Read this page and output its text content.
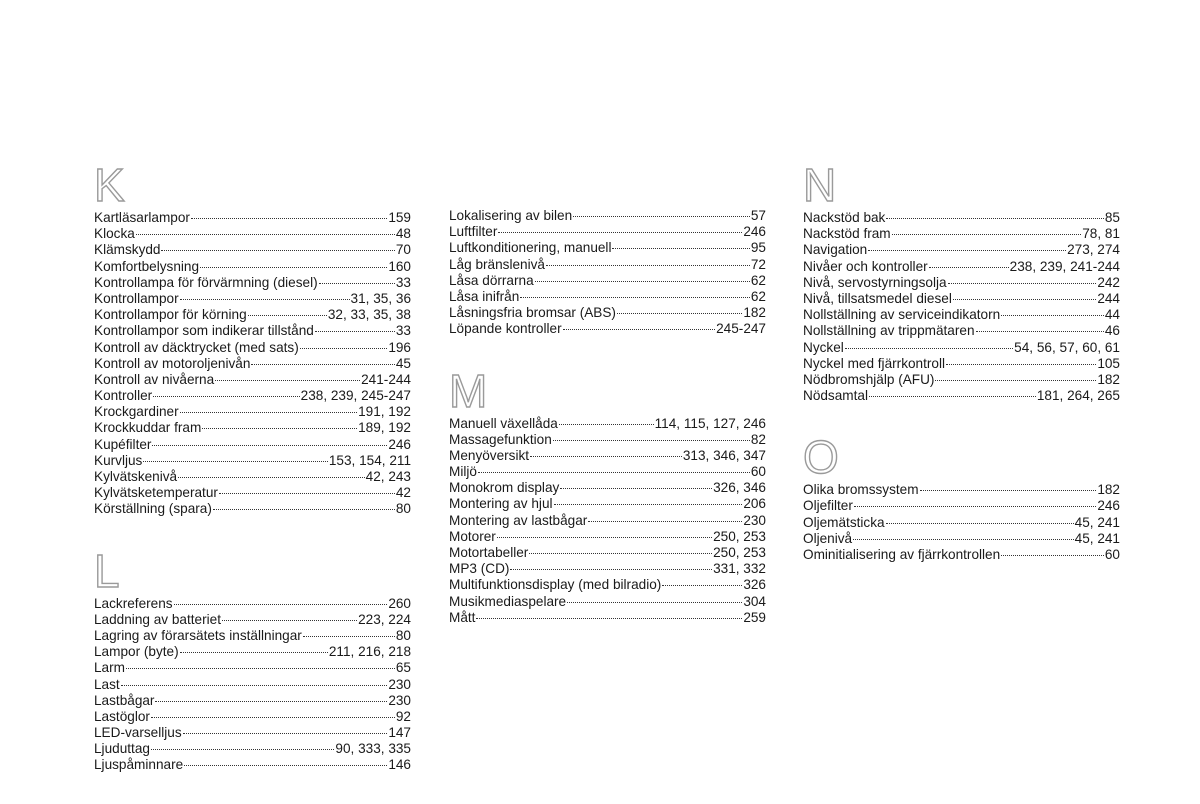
K
Kartläsarlampor	159
Klocka	48
Klämskydd	70
Komfortbelysning	160
Kontrollampa för förvärmning (diesel)	33
Kontrollampor	31, 35, 36
Kontrollampor för körning	32, 33, 35, 38
Kontrollampor som indikerar tillstånd	33
Kontroll av däcktrycket (med sats)	196
Kontroll av motoroljenivån	45
Kontroll av nivåerna	241-244
Kontroller	238, 239, 245-247
Krockgardiner	191, 192
Krockkuddar fram	189, 192
Kupéfilter	246
Kurvljus	153, 154, 211
Kylvätskenivå	42, 243
Kylvätsketemperatur	42
Körställning (spara)	80
L
Lackreferens	260
Laddning av batteriet	223, 224
Lagring av förarsätets inställningar	80
Lampor (byte)	211, 216, 218
Larm	65
Last	230
Lastbågar	230
Lastöglor	92
LED-varselljus	147
Ljuduttag	90, 333, 335
Ljuspåminnare	146
Lokalisering av bilen	57
Luftfilter	246
Luftkonditionering, manuell	95
Låg bränslenivå	72
Låsa dörrarna	62
Låsa inifrån	62
Låsningsfria bromsar (ABS)	182
Löpande kontroller	245-247
M
Manuell växellåda	114, 115, 127, 246
Massagefunktion	82
Menyöversikt	313, 346, 347
Miljö	60
Monokrom display	326, 346
Montering av hjul	206
Montering av lastbågar	230
Motorer	250, 253
Motortabeller	250, 253
MP3 (CD)	331, 332
Multifunktionsdisplay (med bilradio)	326
Musikmediaspelare	304
Mått	259
N
Nackstöd bak	85
Nackstöd fram	78, 81
Navigation	273, 274
Nivåer och kontroller	238, 239, 241-244
Nivå, servostyrningsolja	242
Nivå, tillsatsmedel diesel	244
Nollställning av serviceindikatorn	44
Nollställning av trippmätaren	46
Nyckel	54, 56, 57, 60, 61
Nyckel med fjärrkontroll	105
Nödbromshjälp (AFU)	182
Nödsamtal	181, 264, 265
O
Olika bromssystem	182
Oljefilter	246
Oljemätsticka	45, 241
Oljenivå	45, 241
Ominitialisering av fjärrkontrollen	60
